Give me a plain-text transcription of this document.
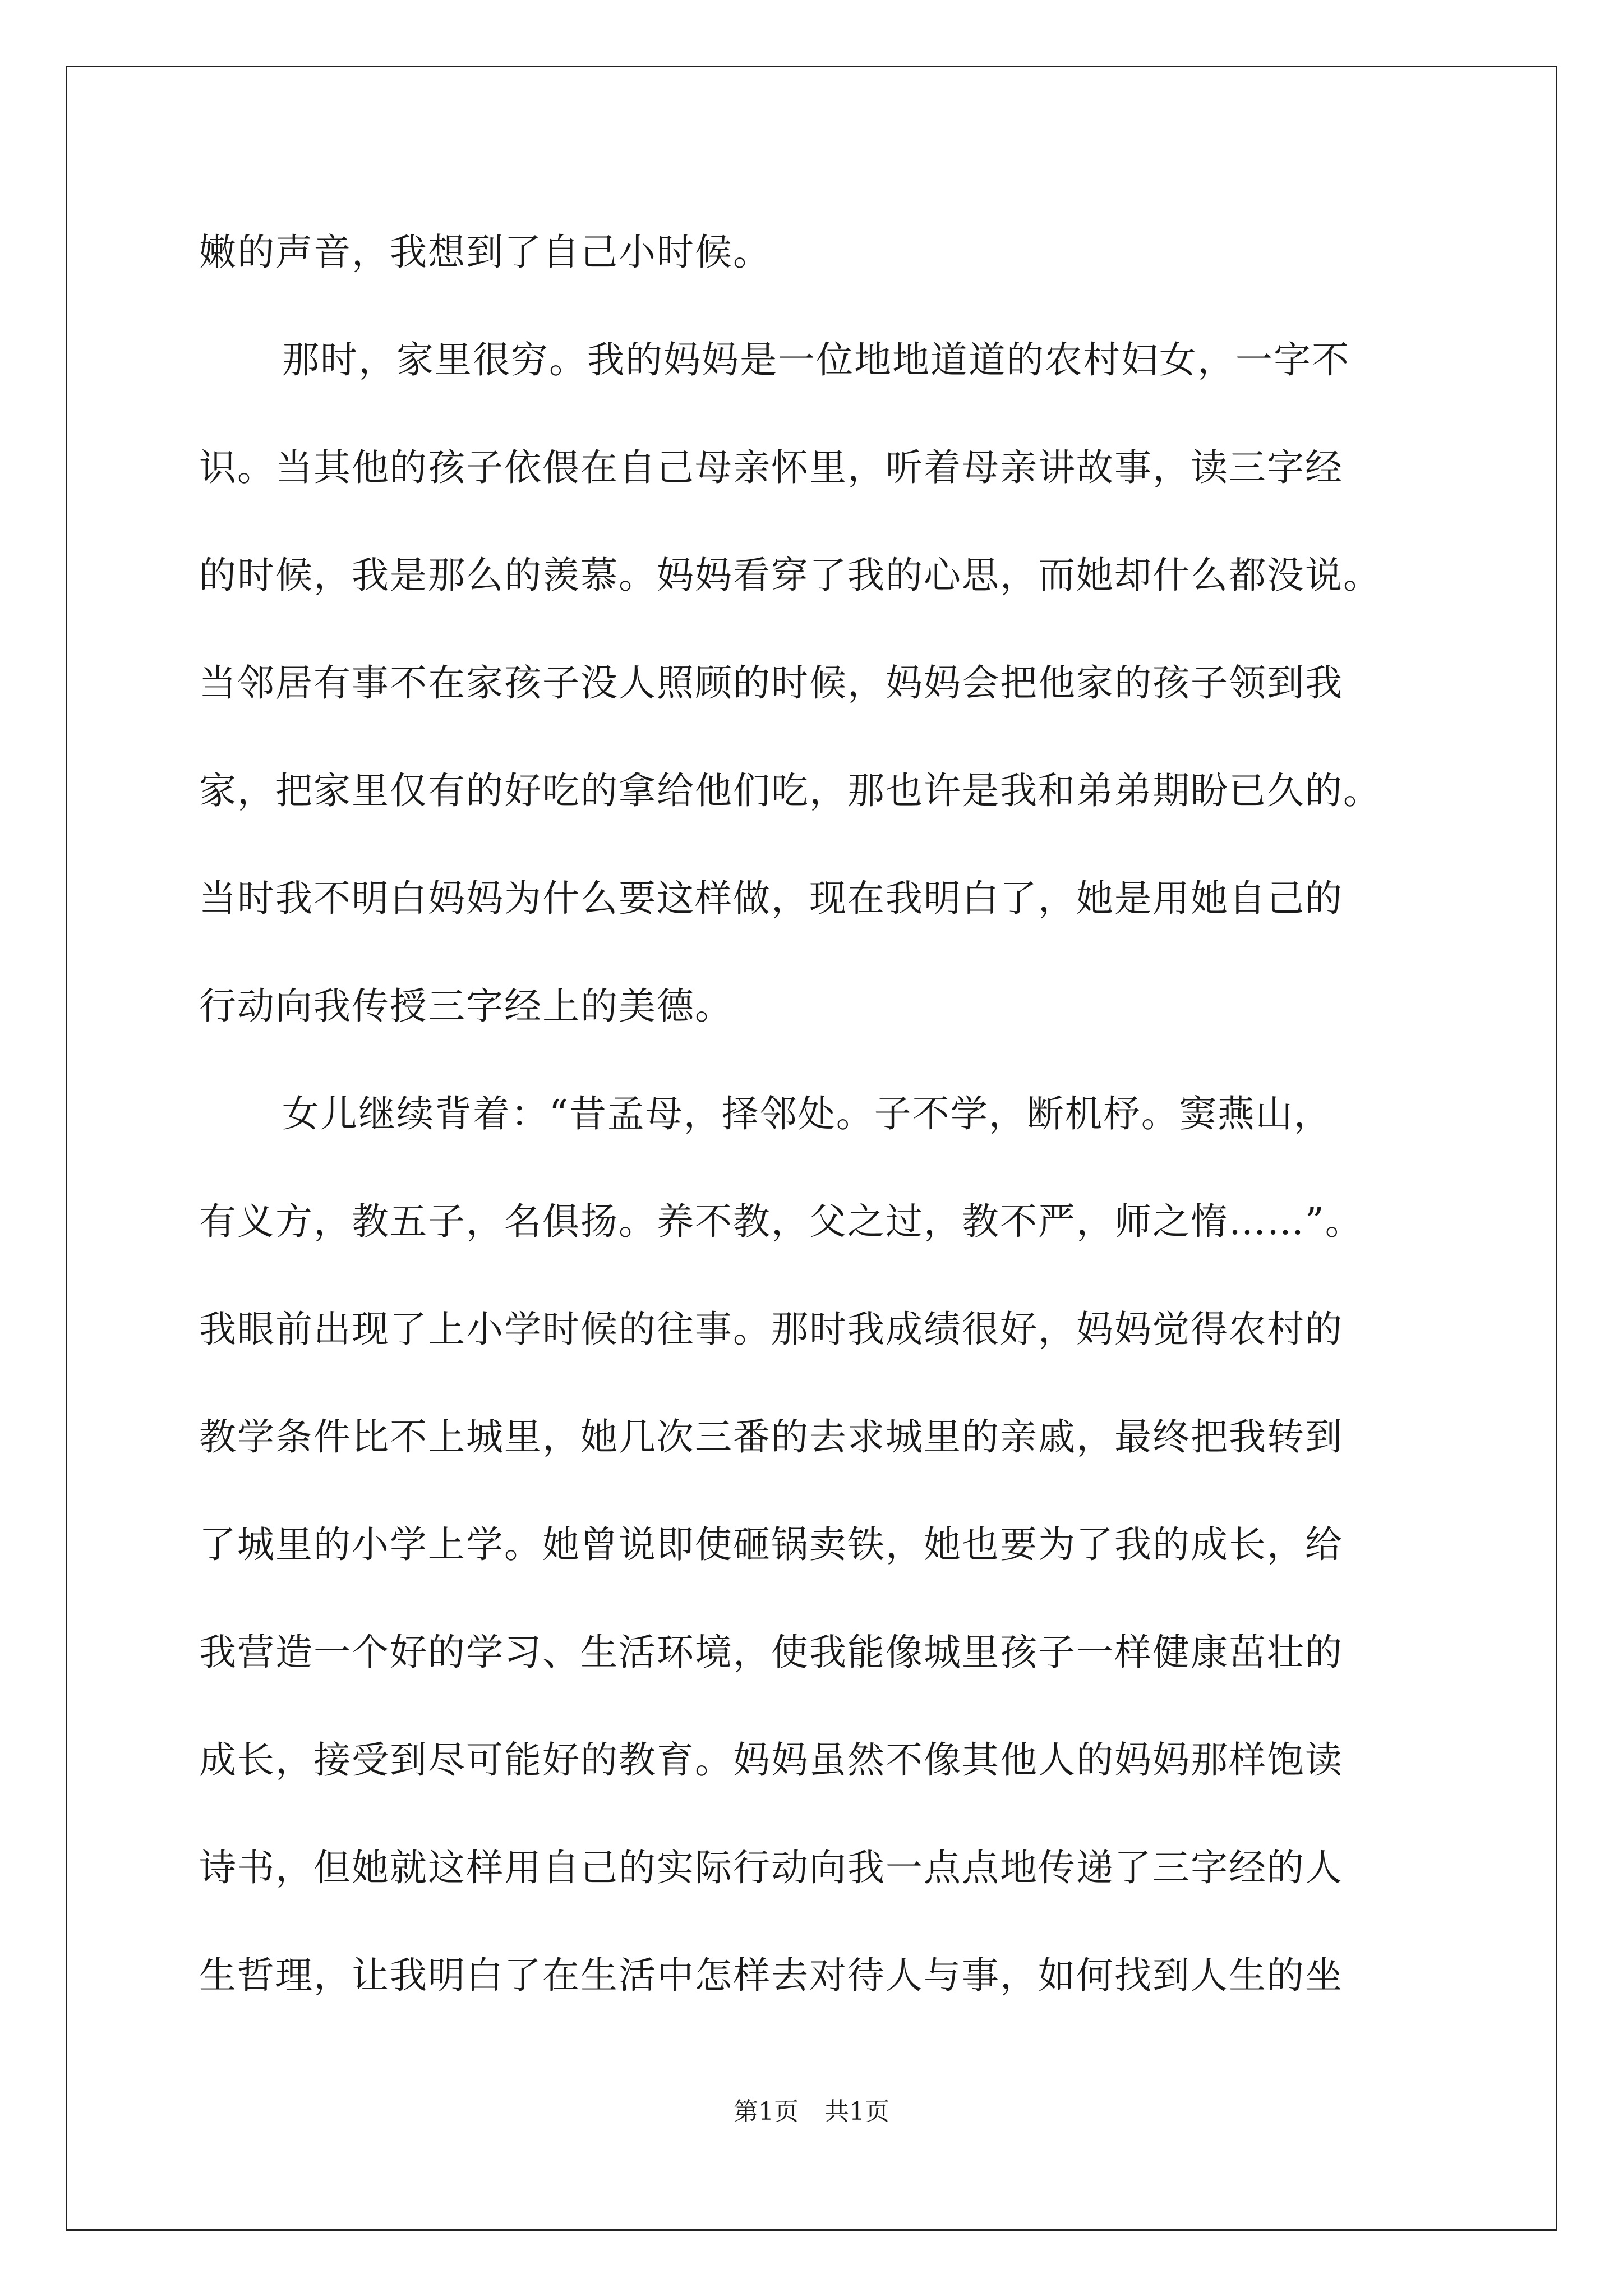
嫩的声音，我想到了自己小时候。
那时，家里很穷。我的妈妈是一位地地道道的农村妇女，一字不
识。当其他的孩子依偎在自己母亲怀里，听着母亲讲故事，读三字经
的时候，我是那么的羡慕。妈妈看穿了我的心思，而她却什么都没说。
当邻居有事不在家孩子没人照顾的时候，妈妈会把他家的孩子领到我
家，把家里仅有的好吃的拿给他们吃，那也许是我和弟弟期盼已久的。
当时我不明白妈妈为什么要这样做，现在我明白了，她是用她自己的
行动向我传授三字经上的美德。
女儿继续背着：“昔孟母，择邻处。子不学，断机杼。窦燕山，
有义方，教五子，名俱扬。养不教，父之过，教不严，师之惰……”。
我眼前出现了上小学时候的往事。那时我成绩很好，妈妈觉得农村的
教学条件比不上城里，她几次三番的去求城里的亲戚，最终把我转到
了城里的小学上学。她曾说即使砸锅卖铁，她也要为了我的成长，给
我营造一个好的学习、生活环境，使我能像城里孩子一样健康茁壮的
成长，接受到尽可能好的教育。妈妈虽然不像其他人的妈妈那样饱读
诗书，但她就这样用自己的实际行动向我一点点地传递了三字经的人
生哲理，让我明白了在生活中怎样去对待人与事，如何找到人生的坐
第1页 共1页
